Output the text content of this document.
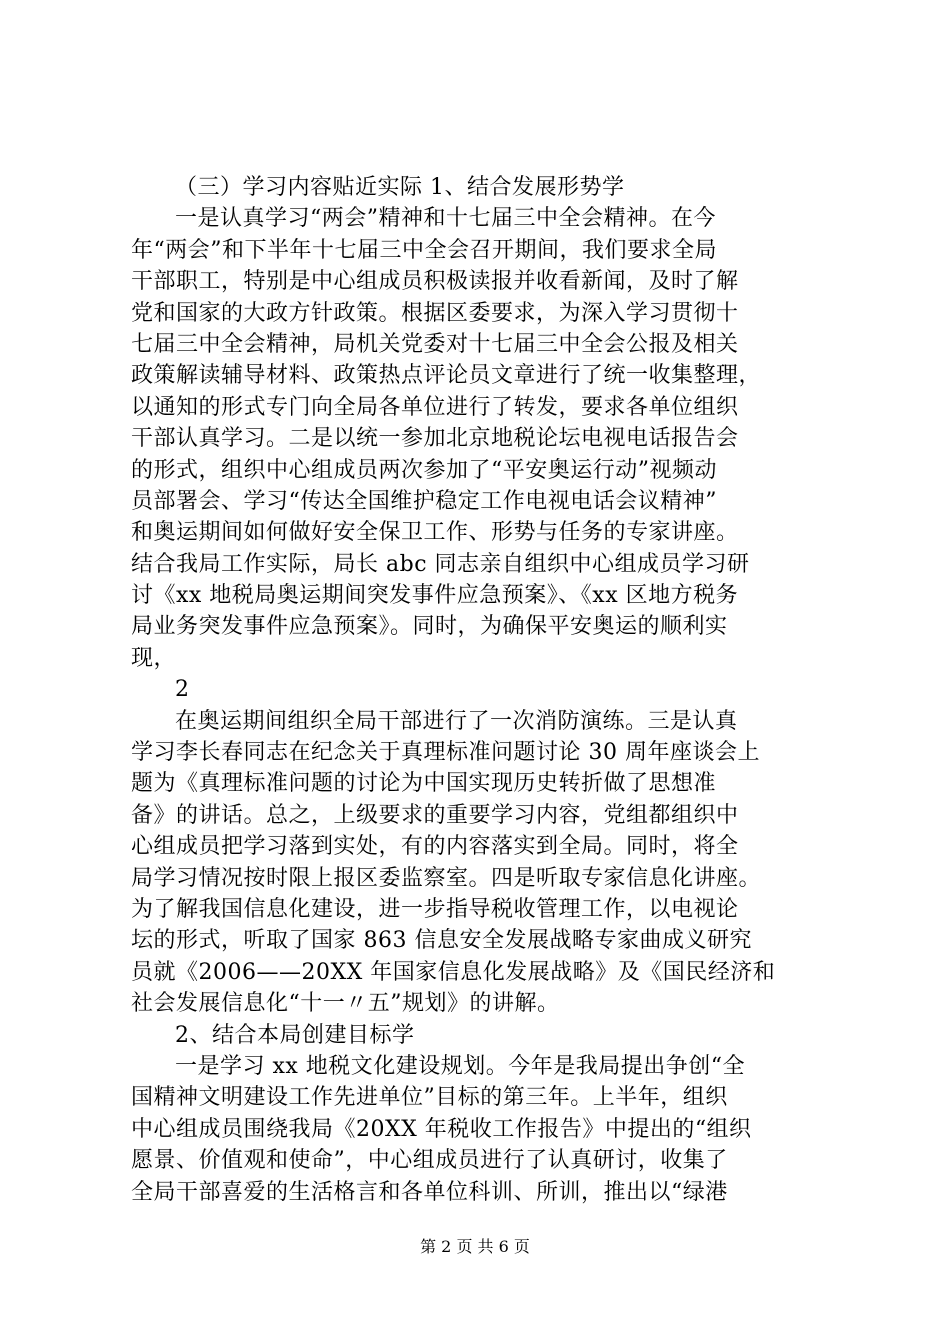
（三）学习内容贴近实际 1、结合发展形势学
一是认真学习“两会”精神和十七届三中全会精神。在今
年“两会”和下半年十七届三中全会召开期间，我们要求全局
干部职工，特别是中心组成员积极读报并收看新闻，及时了解
党和国家的大政方针政策。根据区委要求，为深入学习贯彻十
七届三中全会精神，局机关党委对十七届三中全会公报及相关
政策解读辅导材料、政策热点评论员文章进行了统一收集整理，
以通知的形式专门向全局各单位进行了转发，要求各单位组织
干部认真学习。二是以统一参加北京地税论坛电视电话报告会
的形式，组织中心组成员两次参加了“平安奥运行动”视频动
员部署会、学习“传达全国维护稳定工作电视电话会议精神”
和奥运期间如何做好安全保卫工作、形势与任务的专家讲座。
结合我局工作实际，局长 abc 同志亲自组织中心组成员学习研
讨《xx 地税局奥运期间突发事件应急预案》、《xx 区地方税务
局业务突发事件应急预案》。同时，为确保平安奥运的顺利实
现，
2
在奥运期间组织全局干部进行了一次消防演练。三是认真
学习李长春同志在纪念关于真理标准问题讨论 30 周年座谈会上
题为《真理标准问题的讨论为中国实现历史转折做了思想准
备》的讲话。总之，上级要求的重要学习内容，党组都组织中
心组成员把学习落到实处，有的内容落实到全局。同时，将全
局学习情况按时限上报区委监察室。四是听取专家信息化讲座。
为了解我国信息化建设，进一步指导税收管理工作，以电视论
坛的形式，听取了国家 863 信息安全发展战略专家曲成义研究
员就《2006——20XX 年国家信息化发展战略》及《国民经济和
社会发展信息化“十一〃五”规划》的讲解。
2、结合本局创建目标学
一是学习 xx 地税文化建设规划。今年是我局提出争创“全
国精神文明建设工作先进单位”目标的第三年。上半年，组织
中心组成员围绕我局《20XX 年税收工作报告》中提出的“组织
愿景、价值观和使命”，中心组成员进行了认真研讨，收集了
全局干部喜爱的生活格言和各单位科训、所训，推出以“绿港
第 2 页 共 6 页
